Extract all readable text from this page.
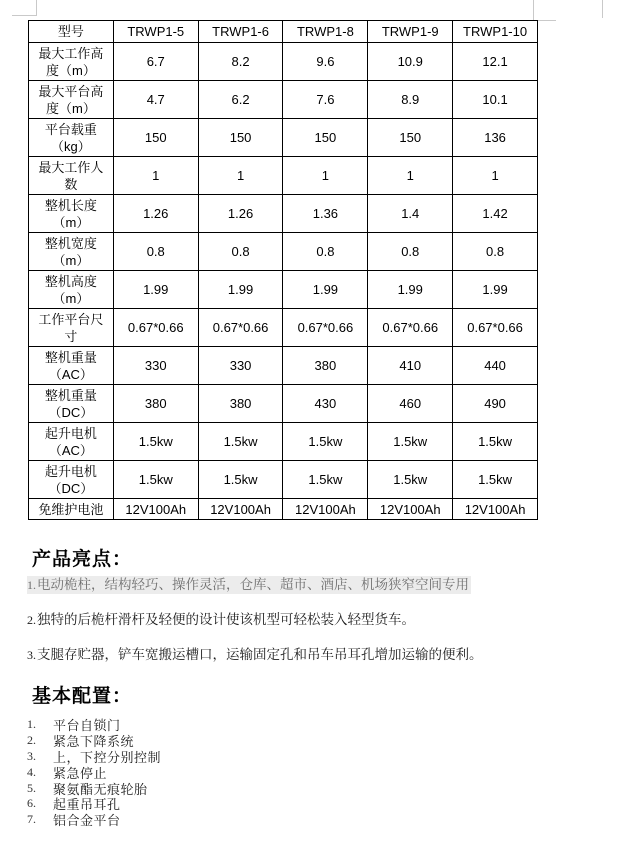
型号	TRWP1-5	TRWP1-6	TRWP1-8	TRWP1-9	TRWP1-10
最大工作高度（m）	6.7	8.2	9.6	10.9	12.1
最大平台高度（m）	4.7	6.2	7.6	8.9	10.1
平台载重（kg）	150	150	150	150	136
最大工作人数	1	1	1	1	1
整机长度（m）	1.26	1.26	1.36	1.4	1.42
整机宽度（m）	0.8	0.8	0.8	0.8	0.8
整机高度（m）	1.99	1.99	1.99	1.99	1.99
工作平台尺寸	0.67*0.66	0.67*0.66	0.67*0.66	0.67*0.66	0.67*0.66
整机重量（AC）	330	330	380	410	440
整机重量（DC）	380	380	430	460	490
起升电机（AC）	1.5kw	1.5kw	1.5kw	1.5kw	1.5kw
起升电机（DC）	1.5kw	1.5kw	1.5kw	1.5kw	1.5kw
免维护电池	12V100Ah	12V100Ah	12V100Ah	12V100Ah	12V100Ah
产品亮点：
1.电动桅柱，结构轻巧、操作灵活，仓库、超市、酒店、机场狭窄空间专用
2.独特的后桅杆滑杆及轻便的设计使该机型可轻松装入轻型货车。
3.支腿存贮器，铲车宽搬运槽口，运输固定孔和吊车吊耳孔增加运输的便利。
基本配置：
1.	平台自锁门
2.	紧急下降系统
3.	上，下控分别控制
4.	紧急停止
5.	聚氨酯无痕轮胎
6.	起重吊耳孔
7.	铝合金平台
